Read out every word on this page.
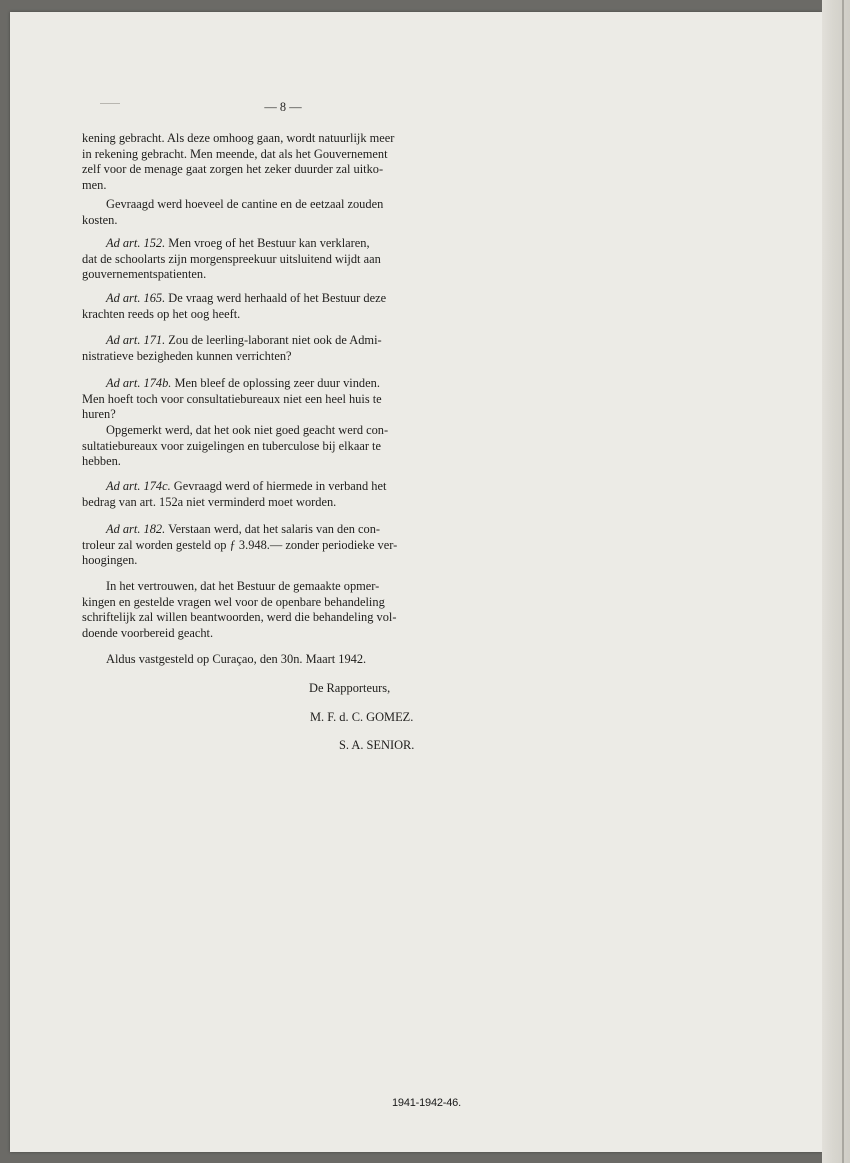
— 8 —
kening gebracht. Als deze omhoog gaan, wordt natuurlijk meer
in rekening gebracht. Men meende, dat als het Gouvernement
zelf voor de menage gaat zorgen het zeker duurder zal uitko-
men.
Gevraagd werd hoeveel de cantine en de eetzaal zouden
kosten.
Ad art. 152. Men vroeg of het Bestuur kan verklaren,
dat de schoolarts zijn morgenspreekuur uitsluitend wijdt aan
gouvernementspatienten.
Ad art. 165. De vraag werd herhaald of het Bestuur deze
krachten reeds op het oog heeft.
Ad art. 171. Zou de leerling-laborant niet ook de Admi-
nistratieve bezigheden kunnen verrichten?
Ad art. 174b. Men bleef de oplossing zeer duur vinden.
Men hoeft toch voor consultatiebureaux niet een heel huis te
huren?
Opgemerkt werd, dat het ook niet goed geacht werd con-
sultatiebureaux voor zuigelingen en tuberculose bij elkaar te
hebben.
Ad art. 174c. Gevraagd werd of hiermede in verband het
bedrag van art. 152a niet verminderd moet worden.
Ad art. 182. Verstaan werd, dat het salaris van den con-
troleur zal worden gesteld op ƒ 3.948.— zonder periodieke ver-
hoogingen.
In het vertrouwen, dat het Bestuur de gemaakte opmer-
kingen en gestelde vragen wel voor de openbare behandeling
schriftelijk zal willen beantwoorden, werd die behandeling vol-
doende voorbereid geacht.
Aldus vastgesteld op Curaçao, den 30n. Maart 1942.
De Rapporteurs,
M. F. d. C. GOMEZ.
S. A. SENIOR.
1941-1942-46.
